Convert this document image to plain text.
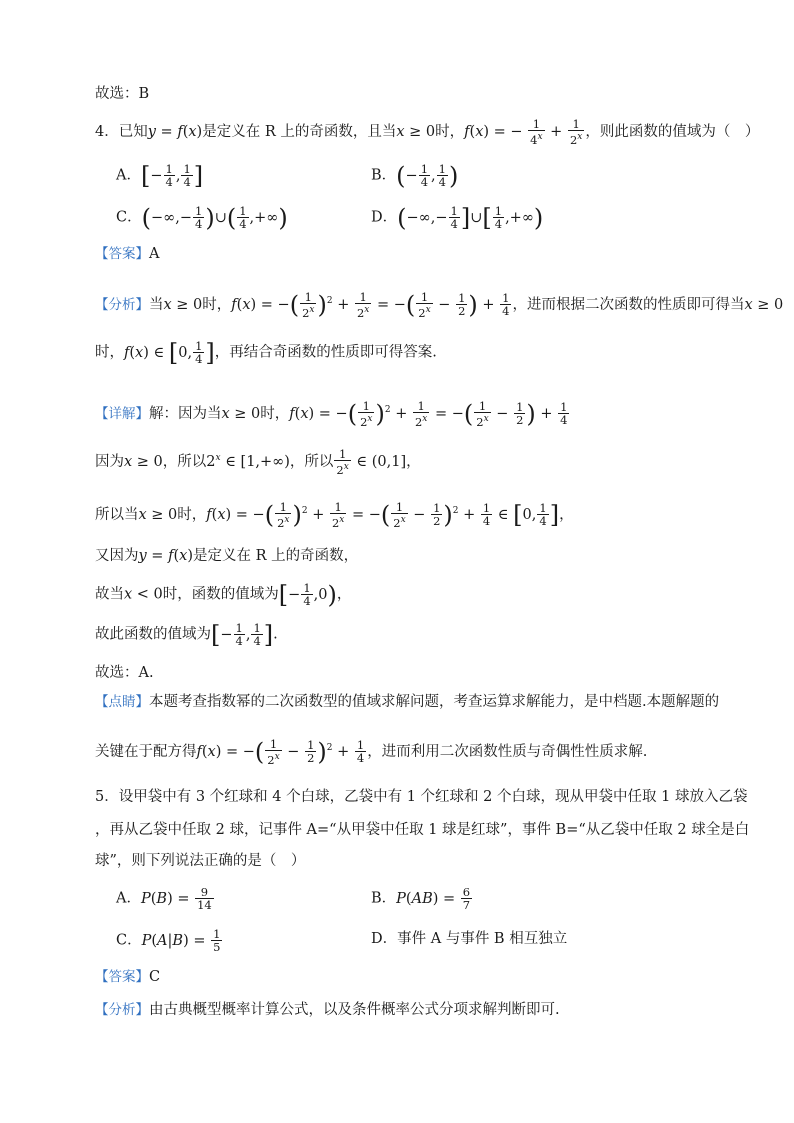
故选：B
4．已知y = f(x)是定义在 R 上的奇函数，且当x ≥ 0时，f(x) = − $\frac{1}{4^x} + \frac{1}{2^x}$ ，则此函数的值域为（　）
A．[− $\frac{1}{4}$ , $\frac{1}{4}$ ]	B．(− $\frac{1}{4}$ , $\frac{1}{4}$ )
C．(−∞,− $\frac{1}{4}$ )∪( $\frac{1}{4}$ ,+∞)	D．(−∞,− $\frac{1}{4}$ ]∪[ $\frac{1}{4}$ ,+∞)
【答案】A
【分析】当x ≥ 0时，f(x) = −( $\frac{1}{2^x} )^2 + \frac{1}{2^x}$ = −( $\frac{1}{2^x} - \frac{1}{2}$ ) + $\frac{1}{4}$ ，进而根据二次函数的性质即可得当x ≥ 0
时，f(x) ∈ [0, $\frac{1}{4}$ ]，再结合奇函数的性质即可得答案.
【详解】解：因为当x ≥ 0时，f(x) = −( $\frac{1}{2^x} )^2 + \frac{1}{2^x}$ = −( $\frac{1}{2^x} - \frac{1}{2}$ ) + $\frac{1}{4}$
因为x ≥ 0，所以2$^x$ ∈ [1,+∞)，所以 $\frac{1}{2^x}$ ∈ (0,1]，
所以当x ≥ 0时，f(x) = −( $\frac{1}{2^x} )^2 + \frac{1}{2^x}$ = −( $\frac{1}{2^x} - \frac{1}{2} )^2 + \frac{1}{4}$ ∈ [0, $\frac{1}{4}$ ]，
又因为y = f(x)是定义在 R 上的奇函数，
故当x < 0时，函数的值域为[− $\frac{1}{4} ,0$)，
故此函数的值域为[− $\frac{1}{4}$ , $\frac{1}{4}$ ].
故选：A.
【点睛】本题考查指数幂的二次函数型的值域求解问题，考查运算求解能力，是中档题.本题解题的
关键在于配方得f(x) = −( $\frac{1}{2^x} - \frac{1}{2} )^2 + \frac{1}{4}$ ，进而利用二次函数性质与奇偶性性质求解.
5．设甲袋中有 3 个红球和 4 个白球，乙袋中有 1 个红球和 2 个白球，现从甲袋中任取 1 球放入乙袋
，再从乙袋中任取 2 球，记事件 A=“从甲袋中任取 1 球是红球”，事件 B=“从乙袋中任取 2 球全是白
球”，则下列说法正确的是（　）
A．$P(B) = \frac{9}{14}$	B．$P(AB) = \frac{6}{7}$
C．$P(A|B) = \frac{1}{5}$	D．事件 A 与事件 B 相互独立
【答案】C
【分析】由古典概型概率计算公式，以及条件概率公式分项求解判断即可.
